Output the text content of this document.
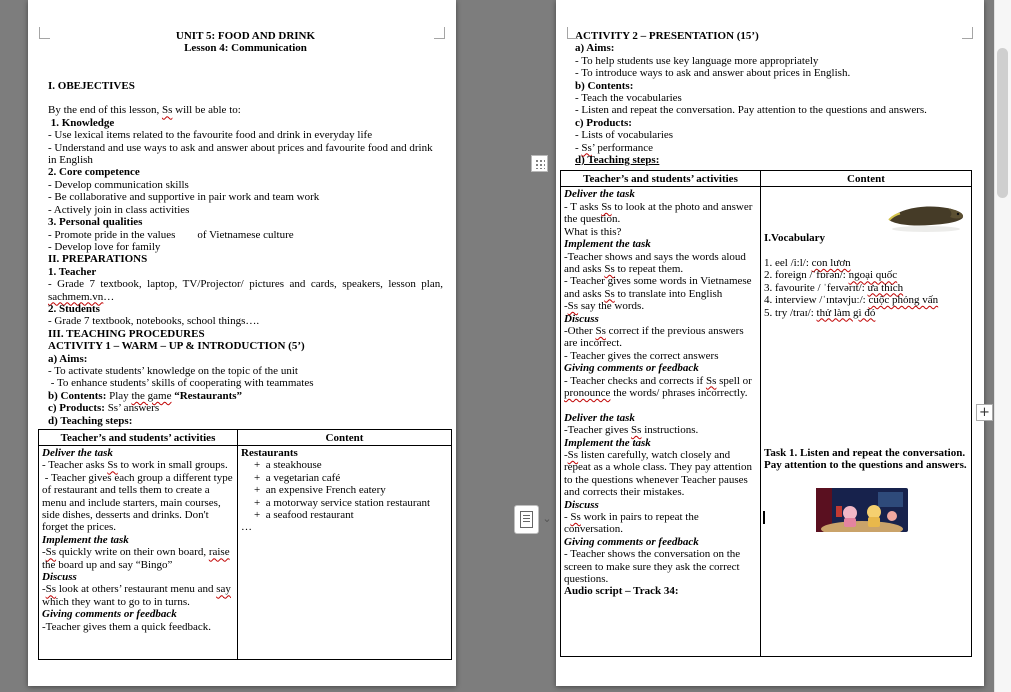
UNIT 5: FOOD AND DRINK
Lesson 4: Communication

I. OBEJECTIVES

By the end of this lesson, Ss will be able to:
1. Knowledge
- Use lexical items related to the favourite food and drink in everyday life
- Understand and use ways to ask and answer about prices and favourite food and drink in English
2. Core competence
- Develop communication skills
- Be collaborative and supportive in pair work and team work
- Actively join in class activities
3. Personal qualities
- Promote pride in the values        of Vietnamese culture
- Develop love for family
II. PREPARATIONS
1. Teacher
- Grade 7 textbook, laptop, TV/Projector/ pictures and cards, speakers, lesson plan, sachmem.vn…
2. Students
- Grade 7 textbook, notebooks, school things….
III. TEACHING PROCEDURES
ACTIVITY 1 – WARM – UP & INTRODUCTION (5’)
a) Aims:
- To activate students’ knowledge on the topic of the unit
- To enhance students’ skills of cooperating with teammates
b) Contents: Play the game “Restaurants”
c) Products: Ss’ answers
d) Teaching steps:
Teacher’s and students’ activities	Content

Deliver the task
- Teacher asks Ss to work in small groups.
- Teacher gives each group a different type of restaurant and tells them to create a menu and include starters, main courses, side dishes, desserts and drinks. Don't forget the prices.
Implement the task
-Ss quickly write on their own board, raise the board up and say “Bingo”
Discuss
-Ss look at others’ restaurant menu and say which they want to go to in turns.
Giving comments or feedback
-Teacher gives them a quick feedback.

Restaurants
+  a steakhouse
+  a vegetarian café
+  an expensive French eatery
+  a motorway service station restaurant
+  a seafood restaurant
…
ACTIVITY 2 – PRESENTATION (15’)
a) Aims:
- To help students use key language more appropriately
- To introduce ways to ask and answer about prices in English.
b) Contents:
- Teach the vocabularies
- Listen and repeat the conversation. Pay attention to the questions and answers.
c) Products:
- Lists of vocabularies
- Ss’ performance
d) Teaching steps:
Teacher’s and students’ activities	Content

Deliver the task
- T asks Ss to look at the photo and answer the question.
What is this?
Implement the task
-Teacher shows and says the words aloud and asks Ss to repeat them.
- Teacher gives some words in Vietnamese and asks Ss to translate into English
-Ss say the words.
Discuss
-Other Ss correct if the previous answers are incorrect.
- Teacher gives the correct answers
Giving comments or feedback
- Teacher checks and corrects if Ss spell or pronounce the words/ phrases incorrectly.

Deliver the task
-Teacher gives Ss instructions.
Implement the task
-Ss listen carefully, watch closely and repeat as a whole class. They pay attention to the questions whenever Teacher pauses and corrects their mistakes.
Discuss
- Ss work in pairs to repeat the conversation.
Giving comments or feedback
- Teacher shows the conversation on the screen to make sure they ask the correct questions.
Audio script – Track 34:

I.Vocabulary
1. eel /i:l/: con lươn
2. foreign /ˈfɒrən/: ngoại quốc
3. favourite / ˈfeɪvərɪt/: ưa thích
4. interview /ˈɪntəvjuː/: cuộc phỏng vấn
5. try /traɪ/: thử làm gì đó
Task 1. Listen and repeat the conversation. Pay attention to the questions and answers.
⌄
+
